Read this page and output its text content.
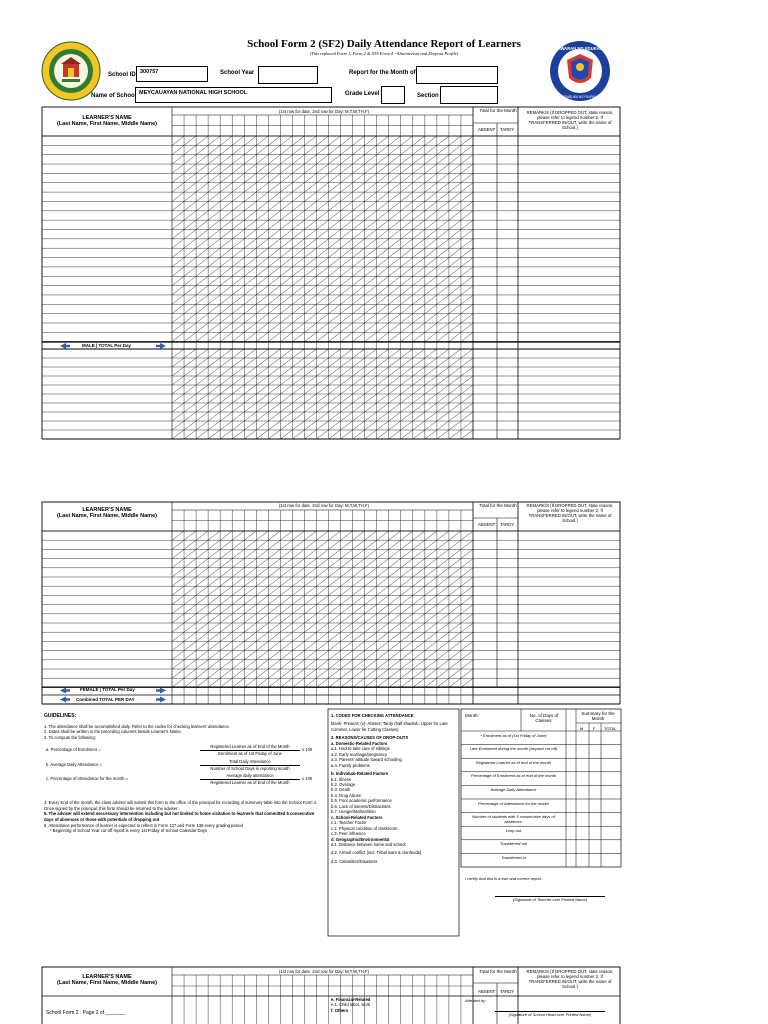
School Form 2 (SF2) Daily Attendance Report of Learners
(This replaced Form 1, Form 2 & STS Form 4 - Absenteeism and Dropout Profile)
KAGAWARAN NG EDUKASYON
REPUBLIKA NG PILIPINAS
School ID 300757	School Year	Report for the Month of
Name of School MEYCAUAYAN NATIONAL HIGH SCHOOL	Grade Level	Section
LEARNER'S NAME
(Last Name, First Name, Middle Name)
(1st row for date, 2nd row for Day: M,T,W,TH,F)	Total for the Month
ABSENT TARDY
REMARK/S (If DROPPED OUT, state reason, please refer to legend number 2. If TRANSFERRED IN/OUT, write the name of School.)
MALE | TOTAL Per Day
LEARNER'S NAME
(Last Name, First Name, Middle Name)
(1st row for date, 2nd row for Day: M,T,W,TH,F)	Total for the Month
ABSENT TARDY
REMARK/S (If DROPPED OUT, state reason, please refer to legend number 2. If TRANSFERRED IN/OUT, write the name of School.)
FEMALE | TOTAL Per Day
Combined TOTAL PER DAY
GUIDELINES:
1. The attendance shall be accomplished daily. Refer to the codes for checking learners' attendance.
2. Dates shall be written in the preceding columns beside Learner's Name.
3. To compute the following:
a. Percentage of Enrolment =
Registered Learner as of End of the Month
Enrolment as of 1st Friday of June
x 100
b. Average Daily Attendance =
Total Daily Attendance
Number of School Days in reporting month
c. Percentage of Attendance for the month =
Average daily attendance
Registered Learner as of End of the Month
x 100
4. Every End of the month, the class adviser will submit this form to the office of the principal for recording of summary table into the School Form 4. Once signed by the principal, this form should be returned to the adviser.
5. The adviser will extend neccessary intervention including but not limited to home visitation to learner/s that committed 5 consecutive days of absences or those with potentials of dropping out
6. Attendance performance of learner is expected to reflect in Form 137 and Form 138 every grading period
* Beginning of School Year cut-off report is every 1st Friday of School Calendar Days
1. CODES FOR CHECKING ATTENDANCE
blank- Present; (x)- Absent; Tardy (half shaded= Upper for Late Commer, Lower for Cutting Classes)
2. REASONS/CAUSES OF DROP-OUTS
a. Domestic-Related Factors
a.1. Had to take care of siblings
a.2. Early marriage/pregnancy
a.3. Parents' attitude toward schooling
a.4. Family problems
b. Individual-Related Factors
b.1. Illness
b.2. Overage
b.3. Death
b.4. Drug Abuse
b.5. Poor academic performance
b.6. Lack of interest/Distractions
b.7. Hunger/Malnutrition
c. School-Related Factors
c.1. Teacher Factor
c.2. Physical condition of classroom
c.3. Peer influence
d. Geographic/Environmental
d.1. Distance between home and school
d.2. Armed conflict (incl. Tribal wars & clanfeuds)
d.3. Calamities/Disasters
e. Financial-Related
e.1. Child labor, work
f. Others
Month:	No. of Days of Classes:
Summary for the Month
M F TOTAL
* Enrolment as of (1st Friday of June)
Late Enrolment during the month (beyond cut-off)
Registered Learner as of end of the month
Percentage of Enrolment as of end of the month
Average Daily Attendance
Percentage of Attendance for the month
Number of students with 5 consecutive days of absences:
Drop out
Transferred out
Transferred in
I certify that this is a true and correct report.
(Signature of Teacher over Printed Name)
Attested by:
(Signature of School Head over Printed Name)
LEARNER'S NAME
(Last Name, First Name, Middle Name)
(1st row for date, 2nd row for Day: M,T,W,TH,F)	Total for the Month
ABSENT TARDY
REMARK/S (If DROPPED OUT, state reason, please refer to legend number 2. If TRANSFERRED IN/OUT, write the name of School.)
School Form 2 : Page 2 of _______
